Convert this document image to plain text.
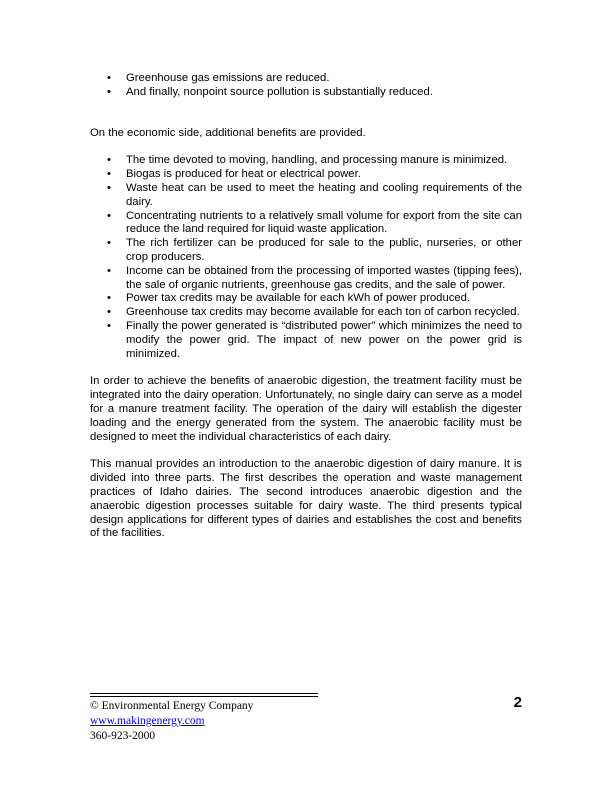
• Greenhouse gas emissions are reduced.
• And finally, nonpoint source pollution is substantially reduced.

On the economic side, additional benefits are provided.

• The time devoted to moving, handling, and processing manure is minimized.
• Biogas is produced for heat or electrical power.
• Waste heat can be used to meet the heating and cooling requirements of the dairy.
• Concentrating nutrients to a relatively small volume for export from the site can reduce the land required for liquid waste application.
• The rich fertilizer can be produced for sale to the public, nurseries, or other crop producers.
• Income can be obtained from the processing of imported wastes (tipping fees), the sale of organic nutrients, greenhouse gas credits, and the sale of power.
• Power tax credits may be available for each kWh of power produced.
• Greenhouse tax credits may become available for each ton of carbon recycled.
• Finally the power generated is “distributed power” which minimizes the need to modify the power grid. The impact of new power on the power grid is minimized.

In order to achieve the benefits of anaerobic digestion, the treatment facility must be integrated into the dairy operation. Unfortunately, no single dairy can serve as a model for a manure treatment facility. The operation of the dairy will establish the digester loading and the energy generated from the system. The anaerobic facility must be designed to meet the individual characteristics of each dairy.

This manual provides an introduction to the anaerobic digestion of dairy manure. It is divided into three parts. The first describes the operation and waste management practices of Idaho dairies. The second introduces anaerobic digestion and the anaerobic digestion processes suitable for dairy waste. The third presents typical design applications for different types of dairies and establishes the cost and benefits of the facilities.

© Environmental Energy Company
www.makingenergy.com
360-923-2000
2
